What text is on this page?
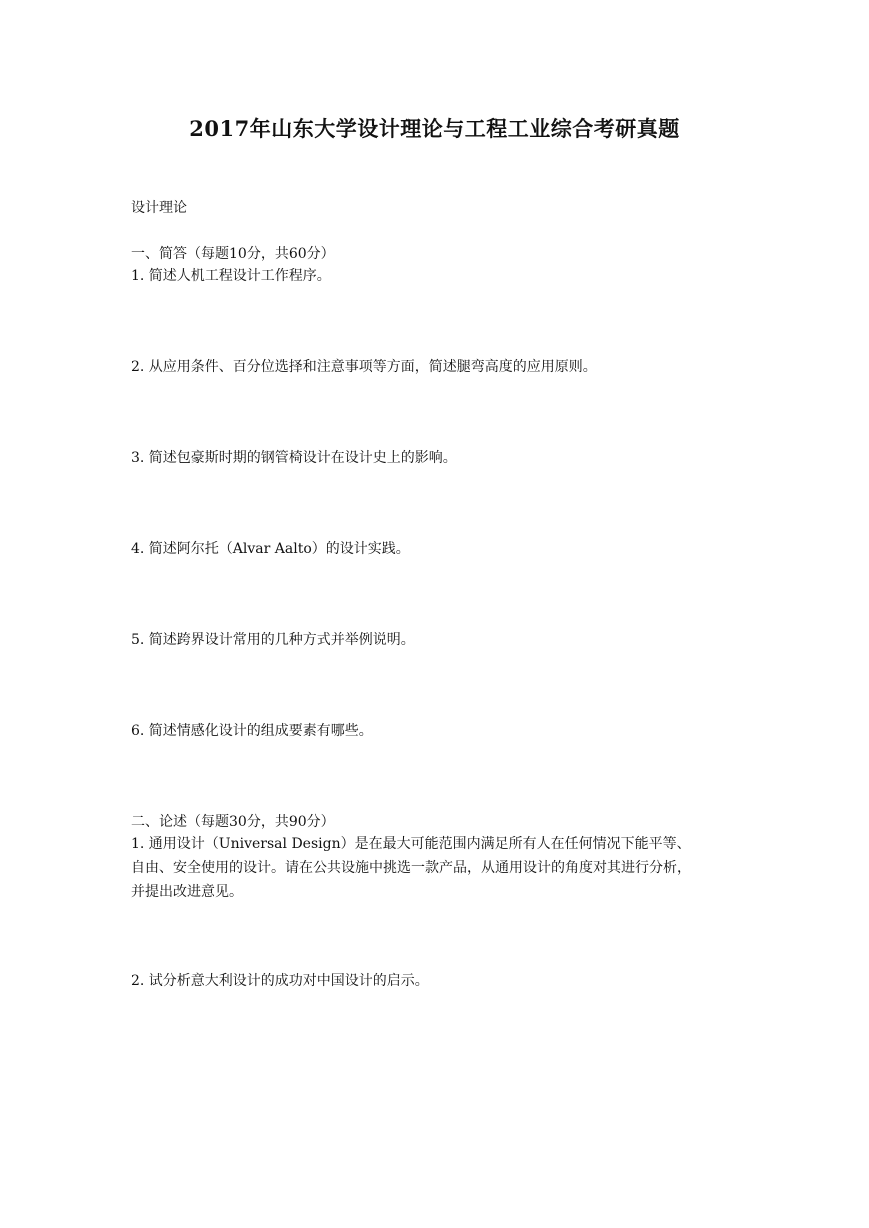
2017年山东大学设计理论与工程工业综合考研真题
设计理论
一、简答（每题10分，共60分）
1. 简述人机工程设计工作程序。
2. 从应用条件、百分位选择和注意事项等方面，简述腿弯高度的应用原则。
3. 简述包豪斯时期的钢管椅设计在设计史上的影响。
4. 简述阿尔托（Alvar Aalto）的设计实践。
5. 简述跨界设计常用的几种方式并举例说明。
6. 简述情感化设计的组成要素有哪些。
二、论述（每题30分，共90分）
1. 通用设计（Universal Design）是在最大可能范围内满足所有人在任何情况下能平等、
自由、安全使用的设计。请在公共设施中挑选一款产品，从通用设计的角度对其进行分析，
并提出改进意见。
2. 试分析意大利设计的成功对中国设计的启示。
